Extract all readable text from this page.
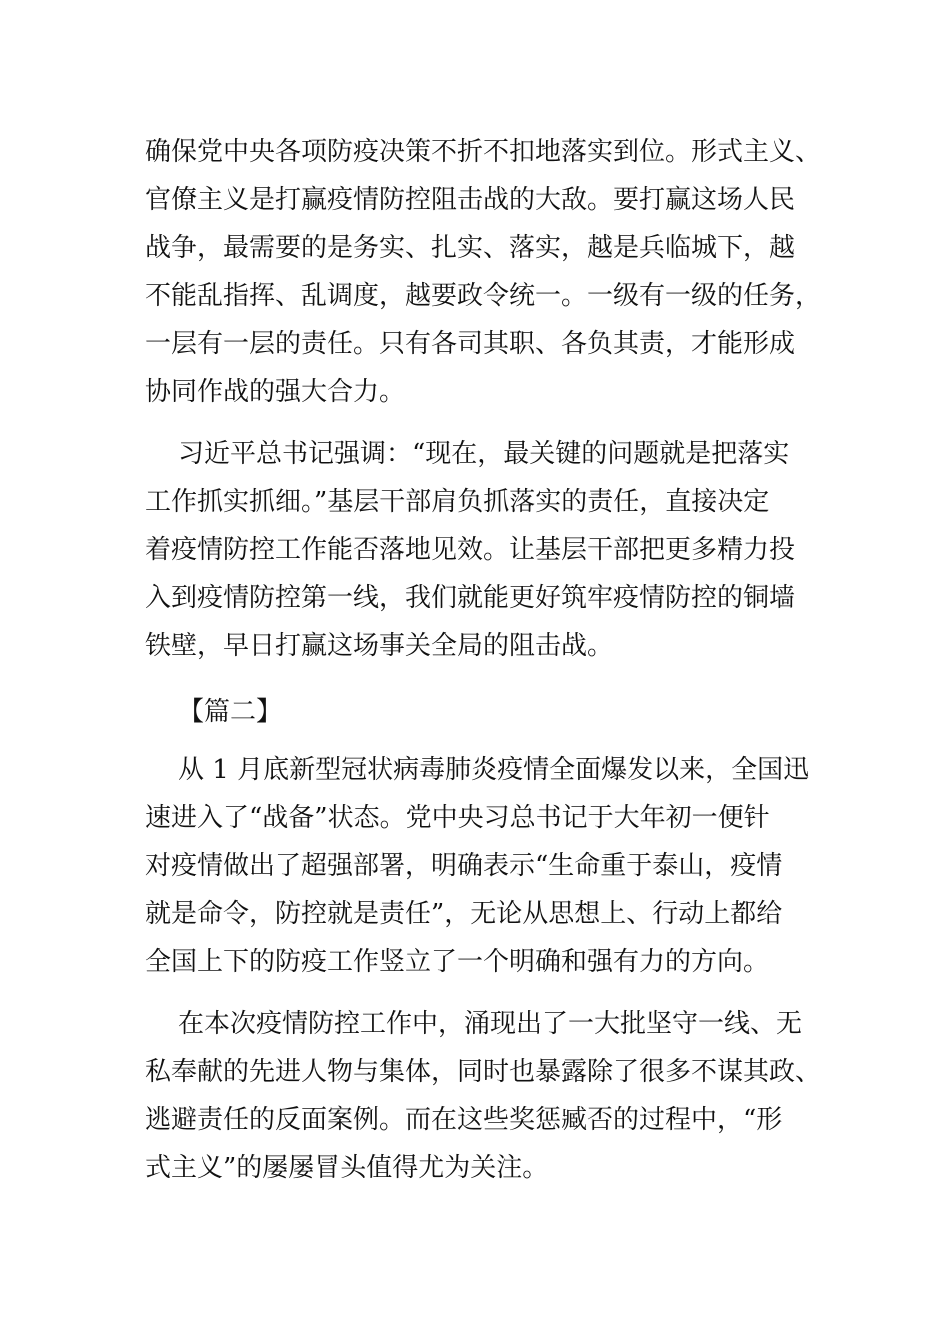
确保党中央各项防疫决策不折不扣地落实到位。形式主义、
官僚主义是打赢疫情防控阻击战的大敌。要打赢这场人民
战争，最需要的是务实、扎实、落实，越是兵临城下，越
不能乱指挥、乱调度，越要政令统一。一级有一级的任务，
一层有一层的责任。只有各司其职、各负其责，才能形成
协同作战的强大合力。
习近平总书记强调：“现在，最关键的问题就是把落实
工作抓实抓细。”基层干部肩负抓落实的责任，直接决定
着疫情防控工作能否落地见效。让基层干部把更多精力投
入到疫情防控第一线，我们就能更好筑牢疫情防控的铜墙
铁壁，早日打赢这场事关全局的阻击战。
【篇二】
从 1 月底新型冠状病毒肺炎疫情全面爆发以来，全国迅
速进入了“战备”状态。党中央习总书记于大年初一便针
对疫情做出了超强部署，明确表示“生命重于泰山，疫情
就是命令，防控就是责任”，无论从思想上、行动上都给
全国上下的防疫工作竖立了一个明确和强有力的方向。
在本次疫情防控工作中，涌现出了一大批坚守一线、无
私奉献的先进人物与集体，同时也暴露除了很多不谋其政、
逃避责任的反面案例。而在这些奖惩臧否的过程中，“形
式主义”的屡屡冒头值得尤为关注。
